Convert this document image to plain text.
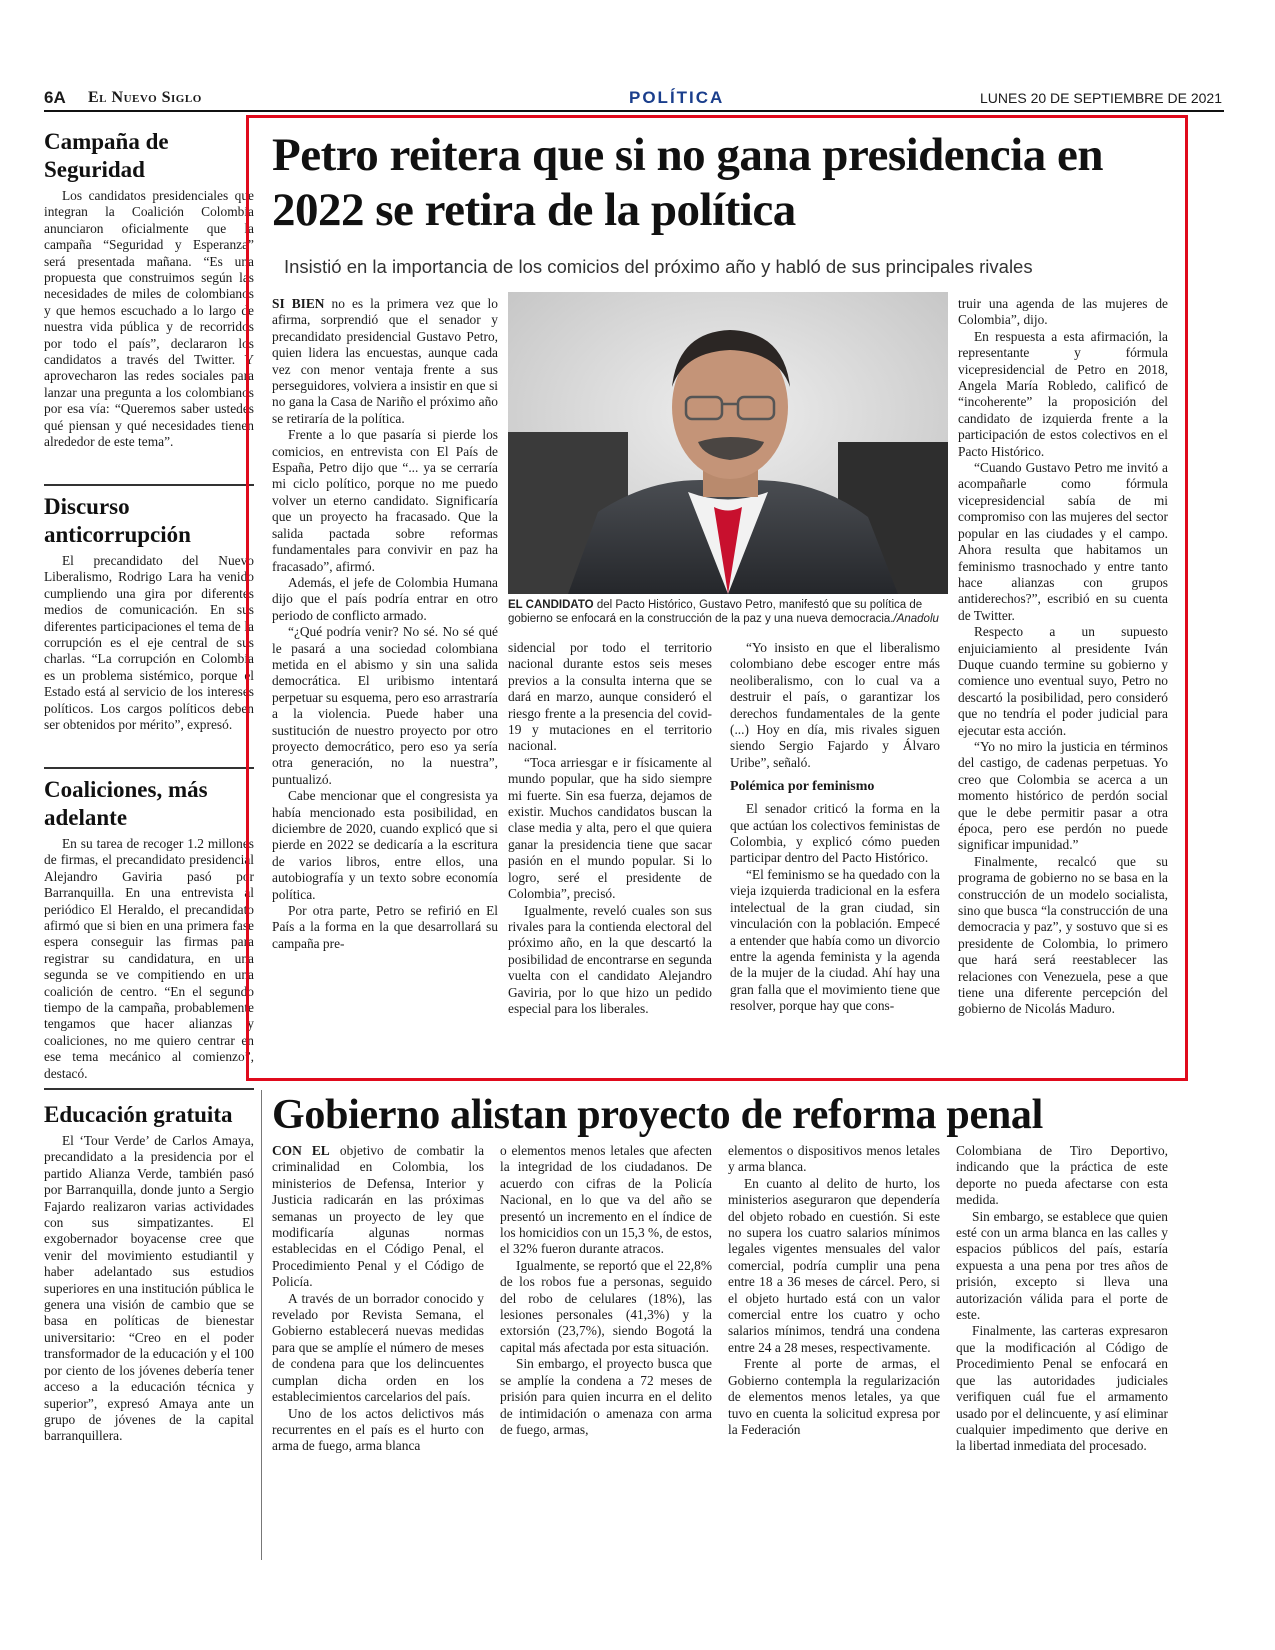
6A El Nuevo Siglo	POLÍTICA	LUNES 20 DE SEPTIEMBRE DE 2021
Campaña de Seguridad

Los candidatos presidenciales que integran la Coalición Colombia anunciaron oficialmente que la campaña “Seguridad y Esperanza” será presentada mañana. “Es una propuesta que construimos según las necesidades de miles de colombianos y que hemos escuchado a lo largo de nuestra vida pública y de recorridos por todo el país”, declararon los candidatos a través del Twitter. Y aprovecharon las redes sociales para lanzar una pregunta a los colombianos por esa vía: “Queremos saber ustedes qué piensan y qué necesidades tienen alrededor de este tema”.

Discurso anticorrupción

El precandidato del Nuevo Liberalismo, Rodrigo Lara ha venido cumpliendo una gira por diferentes medios de comunicación. En sus diferentes participaciones el tema de la corrupción es el eje central de sus charlas. “La corrupción en Colombia es un problema sistémico, porque el Estado está al servicio de los intereses políticos. Los cargos políticos deben ser obtenidos por mérito”, expresó.

Coaliciones, más adelante

En su tarea de recoger 1.2 millones de firmas, el precandidato presidencial Alejandro Gaviria pasó por Barranquilla. En una entrevista al periódico El Heraldo, el precandidato afirmó que si bien en una primera fase espera conseguir las firmas para registrar su candidatura, en una segunda se ve compitiendo en una coalición de centro. “En el segundo tiempo de la campaña, probablemente tengamos que hacer alianzas y coaliciones, no me quiero centrar en ese tema mecánico al comienzo”, destacó.

Educación gratuita

El ‘Tour Verde’ de Carlos Amaya, precandidato a la presidencia por el partido Alianza Verde, también pasó por Barranquilla, donde junto a Sergio Fajardo realizaron varias actividades con sus simpatizantes. El exgobernador boyacense cree que venir del movimiento estudiantil y haber adelantado sus estudios superiores en una institución pública le genera una visión de cambio que se basa en políticas de bienestar universitario: “Creo en el poder transformador de la educación y el 100 por ciento de los jóvenes debería tener acceso a la educación técnica y superior”, expresó Amaya ante un grupo de jóvenes de la capital barranquillera.

Petro reitera que si no gana presidencia en 2022 se retira de la política
Insistió en la importancia de los comicios del próximo año y habló de sus principales rivales

SI BIEN no es la primera vez que lo afirma, sorprendió que el senador y precandidato presidencial Gustavo Petro, quien lidera las encuestas, aunque cada vez con menor ventaja frente a sus perseguidores, volviera a insistir en que si no gana la Casa de Nariño el próximo año se retiraría de la política.

Frente a lo que pasaría si pierde los comicios, en entrevista con El País de España, Petro dijo que “... ya se cerraría mi ciclo político, porque no me puedo volver un eterno candidato. Significaría que un proyecto ha fracasado. Que la salida pactada sobre reformas fundamentales para convivir en paz ha fracasado”, afirmó.

Además, el jefe de Colombia Humana dijo que el país podría entrar en otro periodo de conflicto armado.

“¿Qué podría venir? No sé. No sé qué le pasará a una sociedad colombiana metida en el abismo y sin una salida democrática. El uribismo intentará perpetuar su esquema, pero eso arrastraría a la violencia. Puede haber una sustitución de nuestro proyecto por otro proyecto democrático, pero eso ya sería otra generación, no la nuestra”, puntualizó.

Cabe mencionar que el congresista ya había mencionado esta posibilidad, en diciembre de 2020, cuando explicó que si pierde en 2022 se dedicaría a la escritura de varios libros, entre ellos, una autobiografía y un texto sobre economía política.

Por otra parte, Petro se refirió en El País a la forma en la que desarrollará su campaña pre-

EL CANDIDATO del Pacto Histórico, Gustavo Petro, manifestó que su política de gobierno se enfocará en la construcción de la paz y una nueva democracia./Anadolu

sidencial por todo el territorio nacional durante estos seis meses previos a la consulta interna que se dará en marzo, aunque consideró el riesgo frente a la presencia del covid-19 y mutaciones en el territorio nacional.

“Toca arriesgar e ir físicamente al mundo popular, que ha sido siempre mi fuerte. Sin esa fuerza, dejamos de existir. Muchos candidatos buscan la clase media y alta, pero el que quiera ganar la presidencia tiene que sacar pasión en el mundo popular. Si lo logro, seré el presidente de Colombia”, precisó.

Igualmente, reveló cuales son sus rivales para la contienda electoral del próximo año, en la que descartó la posibilidad de encontrarse en segunda vuelta con el candidato Alejandro Gaviria, por lo que hizo un pedido especial para los liberales.

“Yo insisto en que el liberalismo colombiano debe escoger entre más neoliberalismo, con lo cual va a destruir el país, o garantizar los derechos fundamentales de la gente (...) Hoy en día, mis rivales siguen siendo Sergio Fajardo y Álvaro Uribe”, señaló.

Polémica por feminismo

El senador criticó la forma en la que actúan los colectivos feministas de Colombia, y explicó cómo pueden participar dentro del Pacto Histórico.

“El feminismo se ha quedado con la vieja izquierda tradicional en la esfera intelectual de la gran ciudad, sin vinculación con la población. Empecé a entender que había como un divorcio entre la agenda feminista y la agenda de la mujer de la ciudad. Ahí hay una gran falla que el movimiento tiene que resolver, porque hay que cons-

truir una agenda de las mujeres de Colombia”, dijo.

En respuesta a esta afirmación, la representante y fórmula vicepresidencial de Petro en 2018, Angela María Robledo, calificó de “incoherente” la proposición del candidato de izquierda frente a la participación de estos colectivos en el Pacto Histórico.

“Cuando Gustavo Petro me invitó a acompañarle como fórmula vicepresidencial sabía de mi compromiso con las mujeres del sector popular en las ciudades y el campo. Ahora resulta que habitamos un feminismo trasnochado y entre tanto hace alianzas con grupos antiderechos?”, escribió en su cuenta de Twitter.

Respecto a un supuesto enjuiciamiento al presidente Iván Duque cuando termine su gobierno y comience uno eventual suyo, Petro no descartó la posibilidad, pero consideró que no tendría el poder judicial para ejecutar esta acción.

“Yo no miro la justicia en términos del castigo, de cadenas perpetuas. Yo creo que Colombia se acerca a un momento histórico de perdón social que le debe permitir pasar a otra época, pero ese perdón no puede significar impunidad.”

Finalmente, recalcó que su programa de gobierno no se basa en la construcción de un modelo socialista, sino que busca “la construcción de una democracia y paz”, y sostuvo que si es presidente de Colombia, lo primero que hará será reestablecer las relaciones con Venezuela, pese a que tiene una diferente percepción del gobierno de Nicolás Maduro.

Gobierno alistan proyecto de reforma penal

CON EL objetivo de combatir la criminalidad en Colombia, los ministerios de Defensa, Interior y Justicia radicarán en las próximas semanas un proyecto de ley que modificaría algunas normas establecidas en el Código Penal, el Procedimiento Penal y el Código de Policía.

A través de un borrador conocido y revelado por Revista Semana, el Gobierno establecerá nuevas medidas para que se amplíe el número de meses de condena para que los delincuentes cumplan dicha orden en los establecimientos carcelarios del país.

Uno de los actos delictivos más recurrentes en el país es el hurto con arma de fuego, arma blanca

o elementos menos letales que afecten la integridad de los ciudadanos. De acuerdo con cifras de la Policía Nacional, en lo que va del año se presentó un incremento en el índice de los homicidios con un 15,3 %, de estos, el 32% fueron durante atracos.

Igualmente, se reportó que el 22,8% de los robos fue a personas, seguido del robo de celulares (18%), las lesiones personales (41,3%) y la extorsión (23,7%), siendo Bogotá la capital más afectada por esta situación.

Sin embargo, el proyecto busca que se amplíe la condena a 72 meses de prisión para quien incurra en el delito de intimidación o amenaza con arma de fuego, armas,

elementos o dispositivos menos letales y arma blanca.

En cuanto al delito de hurto, los ministerios aseguraron que dependería del objeto robado en cuestión. Si este no supera los cuatro salarios mínimos legales vigentes mensuales del valor comercial, podría cumplir una pena entre 18 a 36 meses de cárcel. Pero, si el objeto hurtado está con un valor comercial entre los cuatro y ocho salarios mínimos, tendrá una condena entre 24 a 28 meses, respectivamente.

Frente al porte de armas, el Gobierno contempla la regularización de elementos menos letales, ya que tuvo en cuenta la solicitud expresa por la Federación

Colombiana de Tiro Deportivo, indicando que la práctica de este deporte no pueda afectarse con esta medida.

Sin embargo, se establece que quien esté con un arma blanca en las calles y espacios públicos del país, estaría expuesta a una pena por tres años de prisión, excepto si lleva una autorización válida para el porte de este.

Finalmente, las carteras expresaron que la modificación al Código de Procedimiento Penal se enfocará en que las autoridades judiciales verifiquen cuál fue el armamento usado por el delincuente, y así eliminar cualquier impedimento que derive en la libertad inmediata del procesado.
